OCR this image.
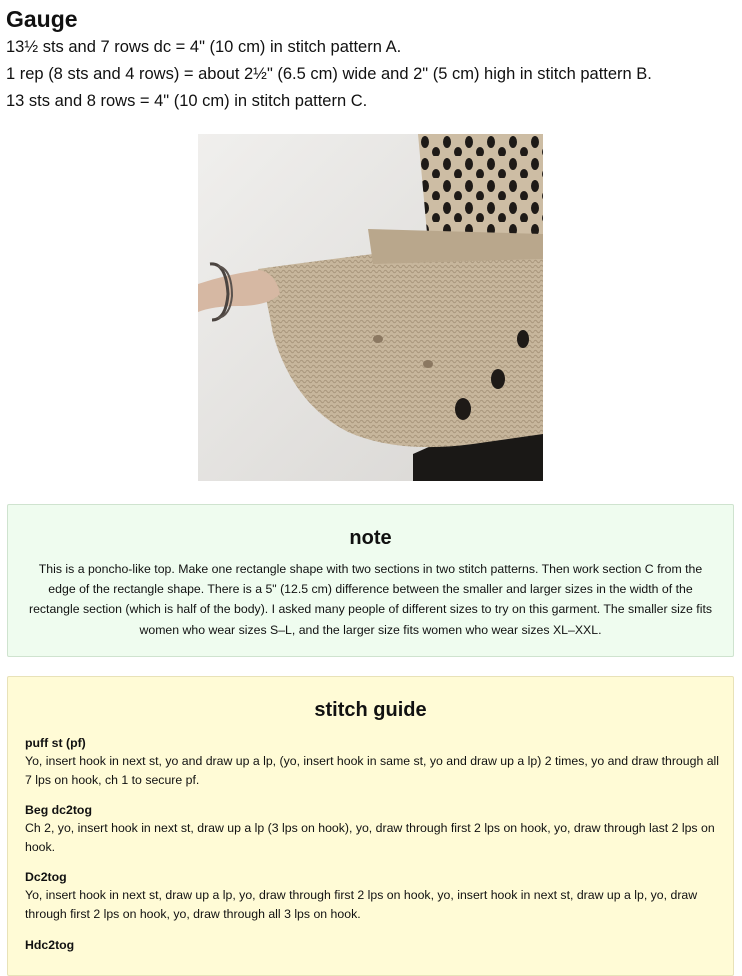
Gauge

13½ sts and 7 rows dc = 4" (10 cm) in stitch pattern A.

1 rep (8 sts and 4 rows) = about 2½" (6.5 cm) wide and 2" (5 cm) high in stitch pattern B.

13 sts and 8 rows = 4" (10 cm) in stitch pattern C.

note

This is a poncho-like top. Make one rectangle shape with two sections in two stitch patterns. Then work section C from the edge of the rectangle shape. There is a 5" (12.5 cm) difference between the smaller and larger sizes in the width of the rectangle section (which is half of the body). I asked many people of different sizes to try on this garment. The smaller size fits women who wear sizes S–L, and the larger size fits women who wear sizes XL–XXL.

stitch guide

puff st (pf)

Yo, insert hook in next st, yo and draw up a lp, (yo, insert hook in same st, yo and draw up a lp) 2 times, yo and draw through all 7 lps on hook, ch 1 to secure pf.

Beg dc2tog

Ch 2, yo, insert hook in next st, draw up a lp (3 lps on hook), yo, draw through first 2 lps on hook, yo, draw through last 2 lps on hook.

Dc2tog

Yo, insert hook in next st, draw up a lp, yo, draw through first 2 lps on hook, yo, insert hook in next st, draw up a lp, yo, draw through first 2 lps on hook, yo, draw through all 3 lps on hook.

Hdc2tog
